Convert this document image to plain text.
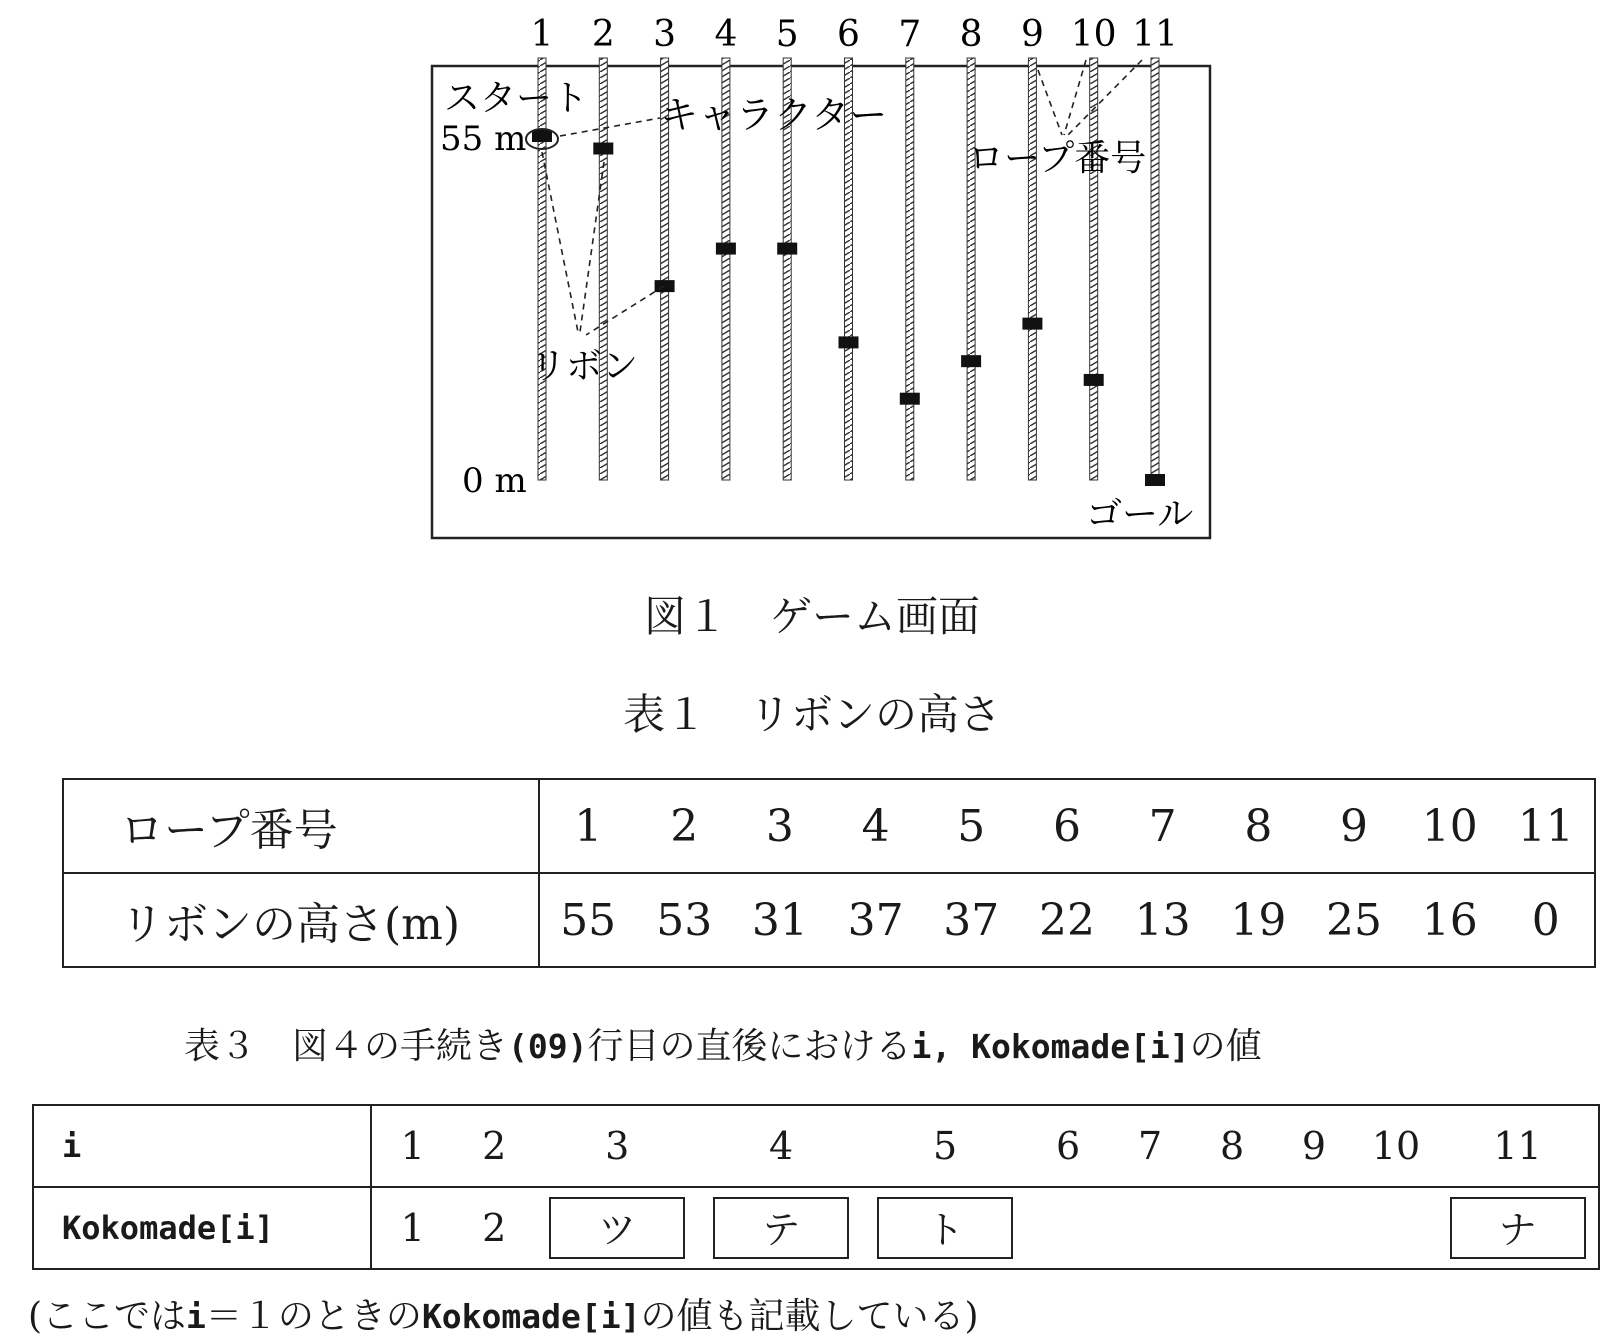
1 2 3 4 5 6 7 8 9 10 11
スタート
55 m
キャラクター
ロープ番号
リボン
0 m
ゴール
図１　ゲーム画面
表１　リボンの高さ
ロープ番号	1	2	3	4	5	6	7	8	9	10	11
リボンの高さ(m)	55	53	31	37	37	22	13	19	25	16	0
表３　図４の手続き(09)行目の直後におけるi, Kokomade[i]の値
i	1	2	3	4	5	6	7	8	9	10	11
Kokomade[i]	1	2	ツ	テ	ト						ナ
(ここではi＝１のときのKokomade[i]の値も記載している)
